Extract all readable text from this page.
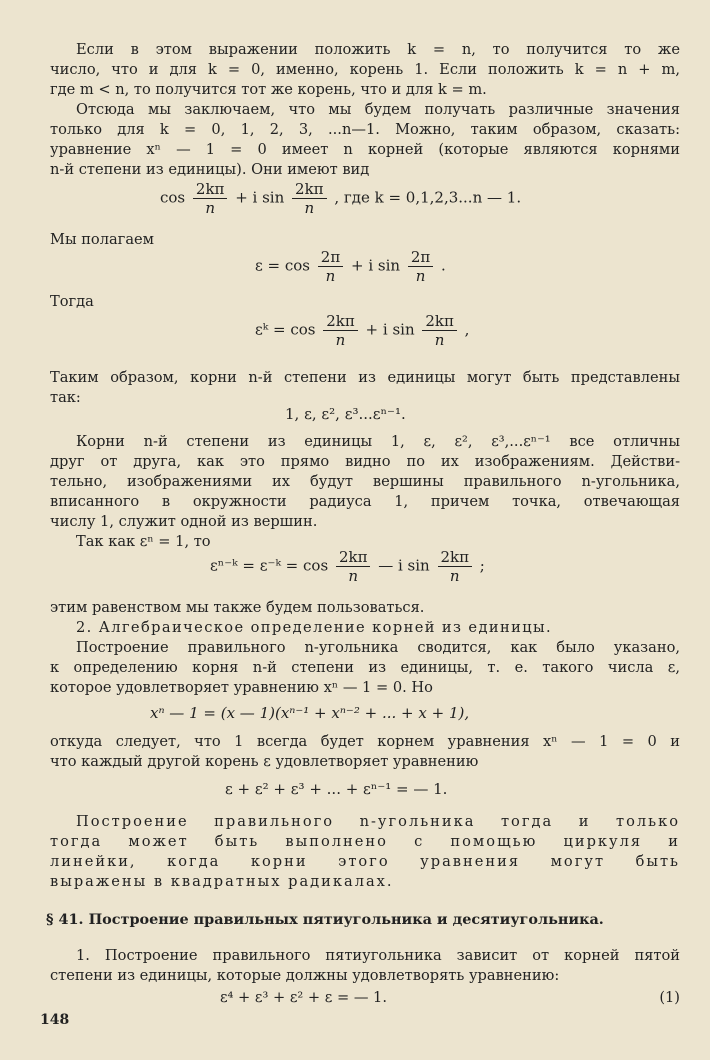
Если в этом выражении положить k = n, то получится то же
число, что и для k = 0, именно, корень 1. Если положить k = n + m,
где m < n, то получится тот же корень, что и для k = m.
Отсюда мы заключаем, что мы будем получать различные значения
только для k = 0, 1, 2, 3, ...n—1. Можно, таким образом, сказать:
уравнение xⁿ — 1 = 0 имеет n корней (которые являются корнями
n-й степени из единицы). Они имеют вид
$\cos \frac{2k\pi}{n} + i$ $\sin \frac{2k\pi}{n}$ , где k = 0,1,2,3...n — 1.
Мы полагаем
$\varepsilon = \cos \frac{2\pi}{n} + i$ $\sin \frac{2\pi}{n}$ .
Тогда
εᵏ = $\cos \frac{2k\pi}{n} + i$ $\sin \frac{2k\pi}{n}$ ,
Таким образом, корни n-й степени из единицы могут быть представлены
так:
1, ε, ε², ε³...εⁿ⁻¹.
Корни n-й степени из единицы 1, ε, ε², ε³,...εⁿ⁻¹ все отличны
друг от друга, как это прямо видно по их изображениям. Действи-
тельно, изображениями их будут вершины правильного n-угольника,
вписанного в окружности радиуса 1, причем точка, отвечающая
числу 1, служит одной из вершин.
Так как εⁿ = 1, то
εⁿ⁻ᵏ = ε⁻ᵏ = $\cos \frac{2k\pi}{n}$ — i $\sin \frac{2k\pi}{n}$ ;
этим равенством мы также будем пользоваться.
2. Алгебраическое определение корней из единицы.
Построение правильного n-угольника сводится, как было указано,
к определению корня n-й степени из единицы, т. е. такого числа ε,
которое удовлетворяет уравнению xⁿ — 1 = 0. Но
xⁿ — 1 = (x — 1)(xⁿ⁻¹ + xⁿ⁻² + ... + x + 1),
откуда следует, что 1 всегда будет корнем уравнения xⁿ — 1 = 0 и
что каждый другой корень ε удовлетворяет уравнению
ε + ε² + ε³ + ... + εⁿ⁻¹ = — 1.
Построение правильного n-угольника тогда и только
тогда может быть выполнено с помощью циркуля и
линейки, когда корни этого уравнения могут быть
выражены в квадратных радикалах.
§ 41. Построение правильных пятиугольника и десятиугольника.
1. Построение правильного пятиугольника зависит от корней пятой
степени из единицы, которые должны удовлетворять уравнению:
ε⁴ + ε³ + ε² + ε = — 1.	(1)
148
